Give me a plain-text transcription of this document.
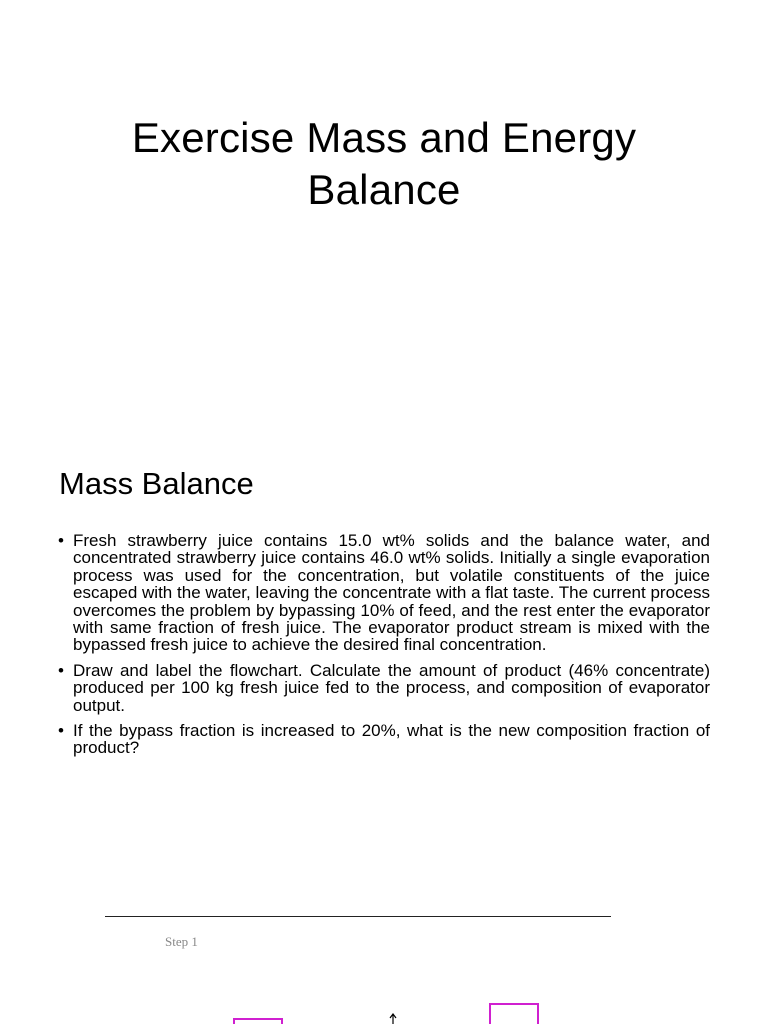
Exercise Mass and Energy
Balance
Mass Balance
• Fresh strawberry juice contains 15.0 wt% solids and the balance water, and concentrated strawberry juice contains 46.0 wt% solids. Initially a single evaporation process was used for the concentration, but volatile constituents of the juice escaped with the water, leaving the concentrate with a flat taste. The current process overcomes the problem by bypassing 10% of feed, and the rest enter the evaporator with same fraction of fresh juice. The evaporator product stream is mixed with the bypassed fresh juice to achieve the desired final concentration.
• Draw and label the flowchart. Calculate the amount of product (46% concentrate) produced per 100 kg fresh juice fed to the process, and composition of evaporator output.
• If the bypass fraction is increased to 20%, what is the new composition fraction of product?
Step 1
